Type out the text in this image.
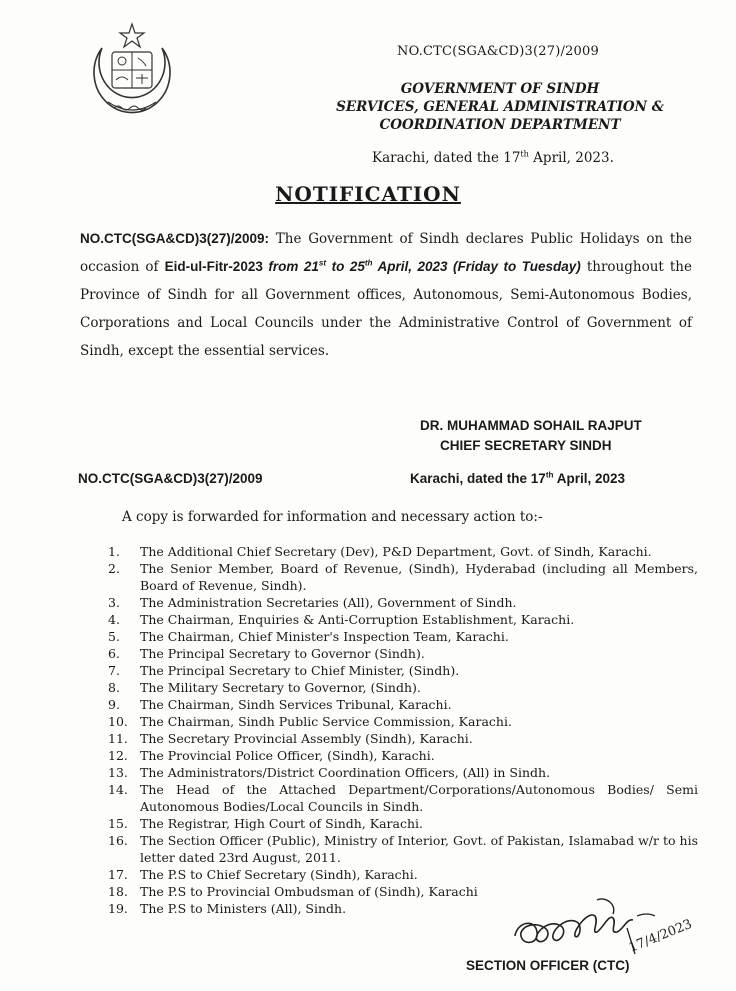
NO.CTC(SGA&CD)3(27)/2009
GOVERNMENT OF SINDH
SERVICES, GENERAL ADMINISTRATION &
COORDINATION DEPARTMENT
Karachi, dated the 17th April, 2023.
NOTIFICATION
NO.CTC(SGA&CD)3(27)/2009: The Government of Sindh declares Public Holidays on the occasion of Eid-ul-Fitr-2023 from 21st to 25th April, 2023 (Friday to Tuesday) throughout the Province of Sindh for all Government offices, Autonomous, Semi-Autonomous Bodies, Corporations and Local Councils under the Administrative Control of Government of Sindh, except the essential services.
DR. MUHAMMAD SOHAIL RAJPUT
CHIEF SECRETARY SINDH
NO.CTC(SGA&CD)3(27)/2009	Karachi, dated the 17th April, 2023
A copy is forwarded for information and necessary action to:-
1.	The Additional Chief Secretary (Dev), P&D Department, Govt. of Sindh, Karachi.
2.	The Senior Member, Board of Revenue, (Sindh), Hyderabad (including all Members, Board of Revenue, Sindh).
3.	The Administration Secretaries (All), Government of Sindh.
4.	The Chairman, Enquiries & Anti-Corruption Establishment, Karachi.
5.	The Chairman, Chief Minister's Inspection Team, Karachi.
6.	The Principal Secretary to Governor (Sindh).
7.	The Principal Secretary to Chief Minister, (Sindh).
8.	The Military Secretary to Governor, (Sindh).
9.	The Chairman, Sindh Services Tribunal, Karachi.
10. The Chairman, Sindh Public Service Commission, Karachi.
11. The Secretary Provincial Assembly (Sindh), Karachi.
12. The Provincial Police Officer, (Sindh), Karachi.
13. The Administrators/District Coordination Officers, (All) in Sindh.
14. The Head of the Attached Department/Corporations/Autonomous Bodies/ Semi Autonomous Bodies/Local Councils in Sindh.
15. The Registrar, High Court of Sindh, Karachi.
16. The Section Officer (Public), Ministry of Interior, Govt. of Pakistan, Islamabad w/r to his letter dated 23rd August, 2011.
17. The P.S to Chief Secretary (Sindh), Karachi.
18. The P.S to Provincial Ombudsman of (Sindh), Karachi
19. The P.S to Ministers (All), Sindh.
17/4/2023
SECTION OFFICER (CTC)
